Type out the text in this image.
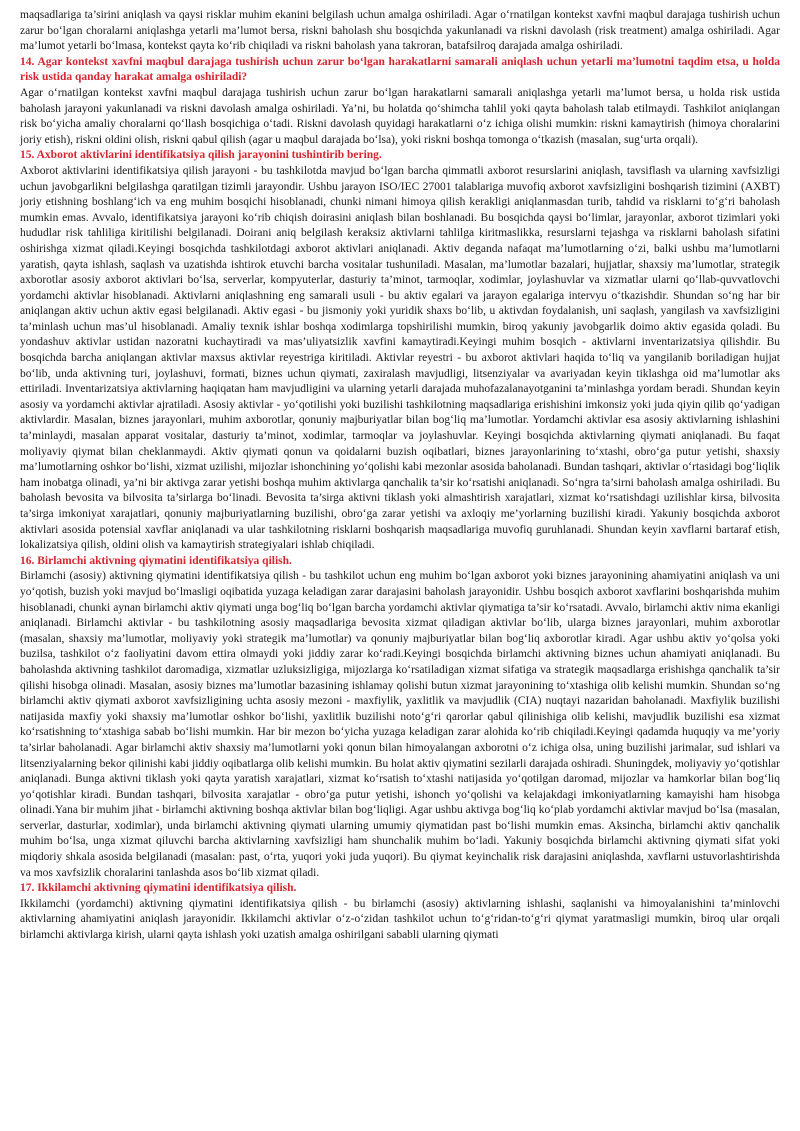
maqsadlariga ta’sirini aniqlash va qaysi risklar muhim ekanini belgilash uchun amalga oshiriladi. Agar o‘rnatilgan kontekst xavfni maqbul darajaga tushirish uchun zarur bo‘lgan choralarni aniqlashga yetarli ma’lumot bersa, riskni baholash shu bosqichda yakunlanadi va riskni davolash (risk treatment) amalga oshiriladi. Agar ma’lumot yetarli bo‘lmasa, kontekst qayta ko‘rib chiqiladi va riskni baholash yana takroran, batafsilroq darajada amalga oshiriladi.

14. Agar kontekst xavfni maqbul darajaga tushirish uchun zarur bo‘lgan harakatlarni samarali aniqlash uchun yetarli ma’lumotni taqdim etsa, u holda risk ustida qanday harakat amalga oshiriladi?

Agar o‘rnatilgan kontekst xavfni maqbul darajaga tushirish uchun zarur bo‘lgan harakatlarni samarali aniqlashga yetarli ma’lumot bersa, u holda risk ustida baholash jarayoni yakunlanadi va riskni davolash amalga oshiriladi. Ya’ni, bu holatda qo‘shimcha tahlil yoki qayta baholash talab etilmaydi. Tashkilot aniqlangan risk bo‘yicha amaliy choralarni qo‘llash bosqichiga o‘tadi. Riskni davolash quyidagi harakatlarni o‘z ichiga olishi mumkin: riskni kamaytirish (himoya choralarini joriy etish), riskni oldini olish, riskni qabul qilish (agar u maqbul darajada bo‘lsa), yoki riskni boshqa tomonga o‘tkazish (masalan, sug‘urta orqali).

15. Axborot aktivlarini identifikatsiya qilish jarayonini tushintirib bering.

Axborot aktivlarini identifikatsiya qilish jarayoni - bu tashkilotda mavjud bo‘lgan barcha qimmatli axborot resurslarini aniqlash, tavsiflash va ularning xavfsizligi uchun javobgarlikni belgilashga qaratilgan tizimli jarayondir. Ushbu jarayon ISO/IEC 27001 talablariga muvofiq axborot xavfsizligini boshqarish tizimini (AXBT) joriy etishning boshlang‘ich va eng muhim bosqichi hisoblanadi, chunki nimani himoya qilish kerakligi aniqlanmasdan turib, tahdid va risklarni to‘g‘ri baholash mumkin emas. Avvalo, identifikatsiya jarayoni ko‘rib chiqish doirasini aniqlash bilan boshlanadi. Bu bosqichda qaysi bo‘limlar, jarayonlar, axborot tizimlari yoki hududlar risk tahliliga kiritilishi belgilanadi. Doirani aniq belgilash keraksiz aktivlarni tahlilga kiritmaslikka, resurslarni tejashga va risklarni baholash sifatini oshirishga xizmat qiladi.Keyingi bosqichda tashkilotdagi axborot aktivlari aniqlanadi. Aktiv deganda nafaqat ma’lumotlarning o‘zi, balki ushbu ma’lumotlarni yaratish, qayta ishlash, saqlash va uzatishda ishtirok etuvchi barcha vositalar tushuniladi. Masalan, ma’lumotlar bazalari, hujjatlar, shaxsiy ma’lumotlar, strategik axborotlar asosiy axborot aktivlari bo‘lsa, serverlar, kompyuterlar, dasturiy ta’minot, tarmoqlar, xodimlar, joylashuvlar va xizmatlar ularni qo‘llab-quvvatlovchi yordamchi aktivlar hisoblanadi. Aktivlarni aniqlashning eng samarali usuli - bu aktiv egalari va jarayon egalariga intervyu o‘tkazishdir. Shundan so‘ng har bir aniqlangan aktiv uchun aktiv egasi belgilanadi. Aktiv egasi - bu jismoniy yoki yuridik shaxs bo‘lib, u aktivdan foydalanish, uni saqlash, yangilash va xavfsizligini ta’minlash uchun mas’ul hisoblanadi. Amaliy texnik ishlar boshqa xodimlarga topshirilishi mumkin, biroq yakuniy javobgarlik doimo aktiv egasida qoladi. Bu yondashuv aktivlar ustidan nazoratni kuchaytiradi va mas’uliyatsizlik xavfini kamaytiradi.Keyingi muhim bosqich - aktivlarni inventarizatsiya qilishdir. Bu bosqichda barcha aniqlangan aktivlar maxsus aktivlar reyestriga kiritiladi. Aktivlar reyestri - bu axborot aktivlari haqida to‘liq va yangilanib boriladigan hujjat bo‘lib, unda aktivning turi, joylashuvi, formati, biznes uchun qiymati, zaxiralash mavjudligi, litsenziyalar va avariyadan keyin tiklashga oid ma’lumotlar aks ettiriladi. Inventarizatsiya aktivlarning haqiqatan ham mavjudligini va ularning yetarli darajada muhofazalanayotganini ta’minlashga yordam beradi. Shundan keyin asosiy va yordamchi aktivlar ajratiladi. Asosiy aktivlar - yo‘qotilishi yoki buzilishi tashkilotning maqsadlariga erishishini imkonsiz yoki juda qiyin qilib qo‘yadigan aktivlardir. Masalan, biznes jarayonlari, muhim axborotlar, qonuniy majburiyatlar bilan bog‘liq ma’lumotlar. Yordamchi aktivlar esa asosiy aktivlarning ishlashini ta’minlaydi, masalan apparat vositalar, dasturiy ta’minot, xodimlar, tarmoqlar va joylashuvlar. Keyingi bosqichda aktivlarning qiymati aniqlanadi. Bu faqat moliyaviy qiymat bilan cheklanmaydi. Aktiv qiymati qonun va qoidalarni buzish oqibatlari, biznes jarayonlarining to‘xtashi, obro‘ga putur yetishi, shaxsiy ma’lumotlarning oshkor bo‘lishi, xizmat uzilishi, mijozlar ishonchining yo‘qolishi kabi mezonlar asosida baholanadi. Bundan tashqari, aktivlar o‘rtasidagi bog‘liqlik ham inobatga olinadi, ya’ni bir aktivga zarar yetishi boshqa muhim aktivlarga qanchalik ta’sir ko‘rsatishi aniqlanadi. So‘ngra ta’sirni baholash amalga oshiriladi. Bu baholash bevosita va bilvosita ta’sirlarga bo‘linadi. Bevosita ta’sirga aktivni tiklash yoki almashtirish xarajatlari, xizmat ko‘rsatishdagi uzilishlar kirsa, bilvosita ta’sirga imkoniyat xarajatlari, qonuniy majburiyatlarning buzilishi, obro‘ga zarar yetishi va axloqiy me’yorlarning buzilishi kiradi. Yakuniy bosqichda axborot aktivlari asosida potensial xavflar aniqlanadi va ular tashkilotning risklarni boshqarish maqsadlariga muvofiq guruhlanadi. Shundan keyin xavflarni bartaraf etish, lokalizatsiya qilish, oldini olish va kamaytirish strategiyalari ishlab chiqiladi.

16. Birlamchi aktivning qiymatini identifikatsiya qilish.

Birlamchi (asosiy) aktivning qiymatini identifikatsiya qilish - bu tashkilot uchun eng muhim bo‘lgan axborot yoki biznes jarayonining ahamiyatini aniqlash va uni yo‘qotish, buzish yoki mavjud bo‘lmasligi oqibatida yuzaga keladigan zarar darajasini baholash jarayonidir. Ushbu bosqich axborot xavflarini boshqarishda muhim hisoblanadi, chunki aynan birlamchi aktiv qiymati unga bog‘liq bo‘lgan barcha yordamchi aktivlar qiymatiga ta’sir ko‘rsatadi. Avvalo, birlamchi aktiv nima ekanligi aniqlanadi. Birlamchi aktivlar - bu tashkilotning asosiy maqsadlariga bevosita xizmat qiladigan aktivlar bo‘lib, ularga biznes jarayonlari, muhim axborotlar (masalan, shaxsiy ma’lumotlar, moliyaviy yoki strategik ma’lumotlar) va qonuniy majburiyatlar bilan bog‘liq axborotlar kiradi. Agar ushbu aktiv yo‘qolsa yoki buzilsa, tashkilot o‘z faoliyatini davom ettira olmaydi yoki jiddiy zarar ko‘radi.Keyingi bosqichda birlamchi aktivning biznes uchun ahamiyati aniqlanadi. Bu baholashda aktivning tashkilot daromadiga, xizmatlar uzluksizligiga, mijozlarga ko‘rsatiladigan xizmat sifatiga va strategik maqsadlarga erishishga qanchalik ta’sir qilishi hisobga olinadi. Masalan, asosiy biznes ma’lumotlar bazasining ishlamay qolishi butun xizmat jarayonining to‘xtashiga olib kelishi mumkin. Shundan so‘ng birlamchi aktiv qiymati axborot xavfsizligining uchta asosiy mezoni - maxfiylik, yaxlitlik va mavjudlik (CIA) nuqtayi nazaridan baholanadi. Maxfiylik buzilishi natijasida maxfiy yoki shaxsiy ma’lumotlar oshkor bo‘lishi, yaxlitlik buzilishi noto‘g‘ri qarorlar qabul qilinishiga olib kelishi, mavjudlik buzilishi esa xizmat ko‘rsatishning to‘xtashiga sabab bo‘lishi mumkin. Har bir mezon bo‘yicha yuzaga keladigan zarar alohida ko‘rib chiqiladi.Keyingi qadamda huquqiy va me’yoriy ta’sirlar baholanadi. Agar birlamchi aktiv shaxsiy ma’lumotlarni yoki qonun bilan himoyalangan axborotni o‘z ichiga olsa, uning buzilishi jarimalar, sud ishlari va litsenziyalarning bekor qilinishi kabi jiddiy oqibatlarga olib kelishi mumkin. Bu holat aktiv qiymatini sezilarli darajada oshiradi. Shuningdek, moliyaviy yo‘qotishlar aniqlanadi. Bunga aktivni tiklash yoki qayta yaratish xarajatlari, xizmat ko‘rsatish to‘xtashi natijasida yo‘qotilgan daromad, mijozlar va hamkorlar bilan bog‘liq yo‘qotishlar kiradi. Bundan tashqari, bilvosita xarajatlar - obro‘ga putur yetishi, ishonch yo‘qolishi va kelajakdagi imkoniyatlarning kamayishi ham hisobga olinadi.Yana bir muhim jihat - birlamchi aktivning boshqa aktivlar bilan bog‘liqligi. Agar ushbu aktivga bog‘liq ko‘plab yordamchi aktivlar mavjud bo‘lsa (masalan, serverlar, dasturlar, xodimlar), unda birlamchi aktivning qiymati ularning umumiy qiymatidan past bo‘lishi mumkin emas. Aksincha, birlamchi aktiv qanchalik muhim bo‘lsa, unga xizmat qiluvchi barcha aktivlarning xavfsizligi ham shunchalik muhim bo‘ladi. Yakuniy bosqichda birlamchi aktivning qiymati sifat yoki miqdoriy shkala asosida belgilanadi (masalan: past, o‘rta, yuqori yoki juda yuqori). Bu qiymat keyinchalik risk darajasini aniqlashda, xavflarni ustuvorlashtirishda va mos xavfsizlik choralarini tanlashda asos bo‘lib xizmat qiladi.

17. Ikkilamchi aktivning qiymatini identifikatsiya qilish.

Ikkilamchi (yordamchi) aktivning qiymatini identifikatsiya qilish - bu birlamchi (asosiy) aktivlarning ishlashi, saqlanishi va himoyalanishini ta’minlovchi aktivlarning ahamiyatini aniqlash jarayonidir. Ikkilamchi aktivlar o‘z-o‘zidan tashkilot uchun to‘g‘ridan-to‘g‘ri qiymat yaratmasligi mumkin, biroq ular orqali birlamchi aktivlarga kirish, ularni qayta ishlash yoki uzatish amalga oshirilgani sababli ularning qiymati
